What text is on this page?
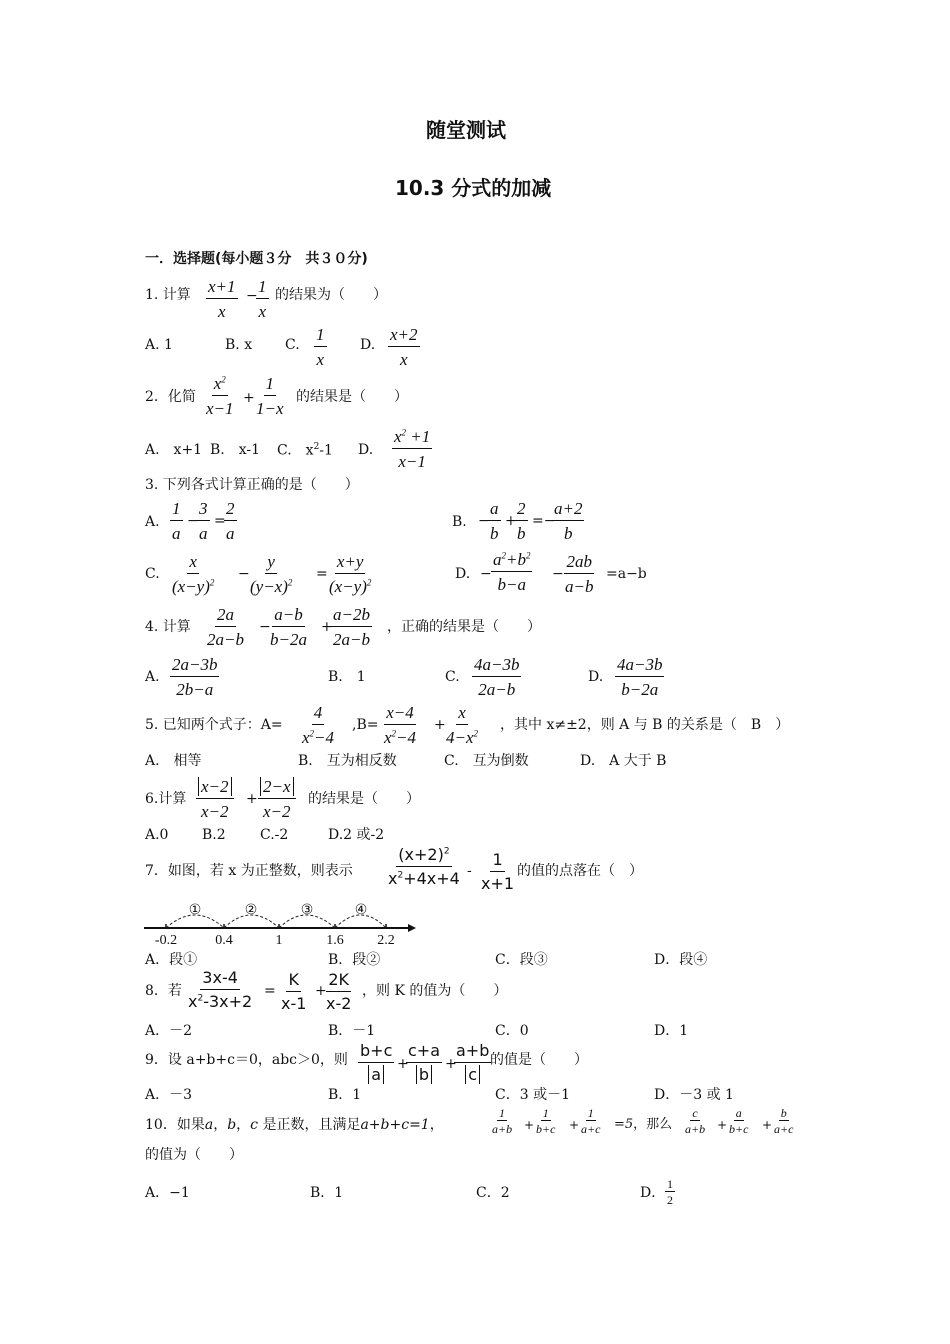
随堂测试
10.3 分式的加减
一．选择题(每小题３分　共３０分)
1. 计算 $\frac{x+1}{x}$ −
$\frac{1}{x}$ 的结果为（　　）
A. 1	B. x C. $\frac{1}{x} D$. $\frac{x+2}{x}$
2．化简 $\frac{x^2}{x-1} + \frac{1}{1-x}$ 的结果是（　　）
A.　x+1 B.　x-1 C.　$x^2-1$ D. $\frac{x^2 +1}{x-1}$
3. 下列各式计算正确的是（　　）
A. $\frac{1}{a}$ −
$\frac{3}{a}$ =
$\frac{2}{a}$	B. −
$\frac{a}{b}$ +
$\frac{2}{b}$ =−
$\frac{a+2}{b}$
C. $\frac{x}{(x-y)^2}$ −
$\frac{y}{(y-x)^2} = \frac{x+y}{(x-y)^2}$	D. − $\frac{a^2+b^2}{b-a} - \frac{2ab}{a-b} =a-b$
4. 计算 $\frac{2a}{2a-b}$ −
$\frac{a-b}{b-2a}$ +
$\frac{a-2b}{2a-b}$ ，正确的结果是（　　）
A. $\frac{2a-3b}{2b-a}$	B.　1	C. $\frac{4a-3b}{2a-b}$	D. $\frac{4a-3b}{b-2a}$
5. 已知两个式子：$A= \frac{4}{x^2-4} ,B= \frac{x-4}{x^2-4}$ +
$\frac{x}{4-x^2}$ ，其中 x≠±2，则 A 与 B 的关系是（　B　）
A.　相等	B.　互为相反数	C.　互为倒数	D.　A 大于 B
6.计算 $\frac{x-2}{x-2} + \frac{2-x}{x-2}$ 的结果是（　　）
A.0 B.2 C.-2	D.2 或-2
7．如图，若 x 为正整数，则表示 $\frac{(x+2)^2}{x^2+4x+4} - \frac{1}{x+1}$ 的值的点落在（　）
①	②	③	④
-0.2	0.4	1	1.6 2.2
A．段①	B．段②	C．段③	D．段④
8．若 $\frac{3x-4}{x^2-3x+2} = \frac{K}{x-1}$ +
$\frac{2K}{x-2}$ ，则 K 的值为（　　）
A．－2	B．－1	C．0	D．1
9．设 a+b+c＝0，abc＞0，则 $\frac{b+c}{a}$ +
$\frac{c+a}{b}$ +
$\frac{a+b}{c}$
的值是（　　）
A．－3	B．1	C．3 或－1	D．－3 或 1
10．如果a，b，c 是正数，且满足a+b+c=1，	$\frac{1}{a+b} + \frac{1}{b+c} + \frac{1}{a+c} =5$，那么 $\frac{c}{a+b} + \frac{a}{b+c} + \frac{b}{a+c}$
的值为（　　）
A．−1	B．1	C．2	D． $\frac{1}{2}$
